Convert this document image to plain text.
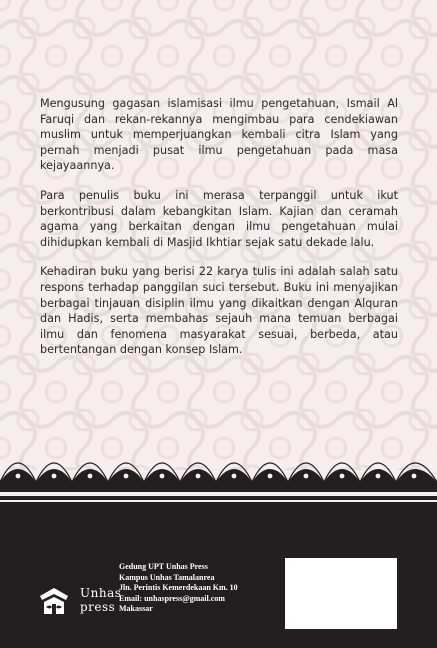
Mengusung gagasan islamisasi ilmu pengetahuan, Ismail Al Faruqi dan rekan-rekannya mengimbau para cendekiawan muslim untuk memperjuangkan kembali citra Islam yang pernah menjadi pusat ilmu pengetahuan pada masa kejayaannya.

Para penulis buku ini merasa terpanggil untuk ikut berkontribusi dalam kebangkitan Islam. Kajian dan ceramah agama yang berkaitan dengan ilmu pengetahuan mulai dihidupkan kembali di Masjid Ikhtiar sejak satu dekade lalu.

Kehadiran buku yang berisi 22 karya tulis ini adalah salah satu respons terhadap panggilan suci tersebut. Buku ini menyajikan berbagai tinjauan disiplin ilmu yang dikaitkan dengan Alquran dan Hadis, serta membahas sejauh mana temuan berbagai ilmu dan fenomena masyarakat sesuai, berbeda, atau bertentangan dengan konsep Islam.

Unhas
press
Gedung UPT Unhas Press
Kampus Unhas Tamalanrea
Jln. Perintis Kemerdekaan Km. 10
Email: unhaspress@gmail.com
Makassar
